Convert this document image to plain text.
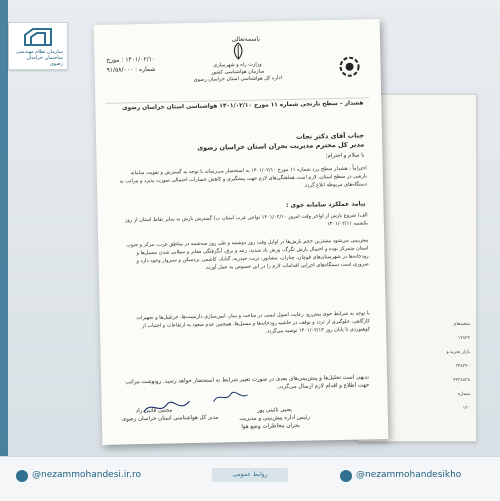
سازمان نظام مهندسی ساختمان خراسان رضوی
شعبه‌های
۱۳۸۳۲
بازار تجریه و
۳۴۸۳۲۰
۴۲۳۸۸۳۸
شماره
۱۳۰
باسمه‌تعالی
۱۴۰۱/۰۲/۱۰ : مورخ
شماره : ۹۱/۵۸/۰۰۰
وزارت راه و شهرسازی
سازمان هواشناسی کشور
اداره کل هواشناسی استان خراسان رضوی
هشدار – سطح نارنجی شماره ۱۱ مورخ ۱۴۰۱/۰۲/۱۰ هواشناسی استان خراسان رضوی
جناب آقای دکتر نجات
مدیر کل محترم مدیریت بحران استان خراسان رضوی
با سلام و احترام؛
احتراماً ، هشدار سطح زرد شماره ۱۱ مورخ ۱۴۰۱/۰۲/۱۰ به استحضار می‌رساند با توجه به گسترش و تقویت سامانه بارشی در سطح استان، لازم است هماهنگی‌های لازم جهت پیشگیری و کاهش خسارات احتمالی صورت پذیرد و مراتب به دستگاه‌های مربوطه ابلاغ گردد.
پیامد عملکرد سامانه جوی :
الف) شروع بارش از اواخر وقت امروز ۱۴۰۱/۰۲/۱۰ نواحی غرب استان ب) گسترش بارش به سایر نقاط استان از روز یکشنبه ۱۴۰۱/۰۲/۱۱
پیش‌بینی می‌شود بیشترین حجم بارش‌ها در اوایل وقت روز دوشنبه و طی روز سه‌شنبه در مناطق غرب، مرکز و جنوب استان متمرکز بوده و احتمال بارش تگرگ، وزش باد شدید، رعد و برق، آبگرفتگی معابر و سیلابی شدن مسیل‌ها و رودخانه‌ها در شهرستان‌های قوچان، چناران، نیشابور، تربت حیدریه، گناباد، کاشمر، بردسکن و سبزوار وجود دارد و ضروری است دستگاه‌های اجرایی اقدامات لازم را در این خصوص به عمل آورند.
با توجه به شرایط جوی پیش‌رو، رعایت اصول ایمنی در ساخت و ساز، ایمن‌سازی داربست‌ها، جرثقیل‌ها و تجهیزات کارگاهی، جلوگیری از تردد و توقف در حاشیه رودخانه‌ها و مسیل‌ها، همچنین عدم صعود به ارتفاعات و اجتناب از کوهنوردی تا پایان روز ۱۴۰۱/۰۲/۱۳ توصیه می‌گردد.
بدیهی است تحلیل‌ها و پیش‌بینی‌های بعدی در صورت تغییر شرایط به استحضار خواهد رسید. رونوشت مراتب جهت اطلاع و اقدام لازم ارسال می‌گردد.
یحیی نائینی پور
رئیس اداره پیش‌بینی و مدیریت
بحران مخاطرات وضع هوا
مجتبی قانیی راد
مدیر کل هواشناسی استان خراسان رضوی
@nezammohandesi.ir.ro	روابط عمومی	@nezammohandesikho
